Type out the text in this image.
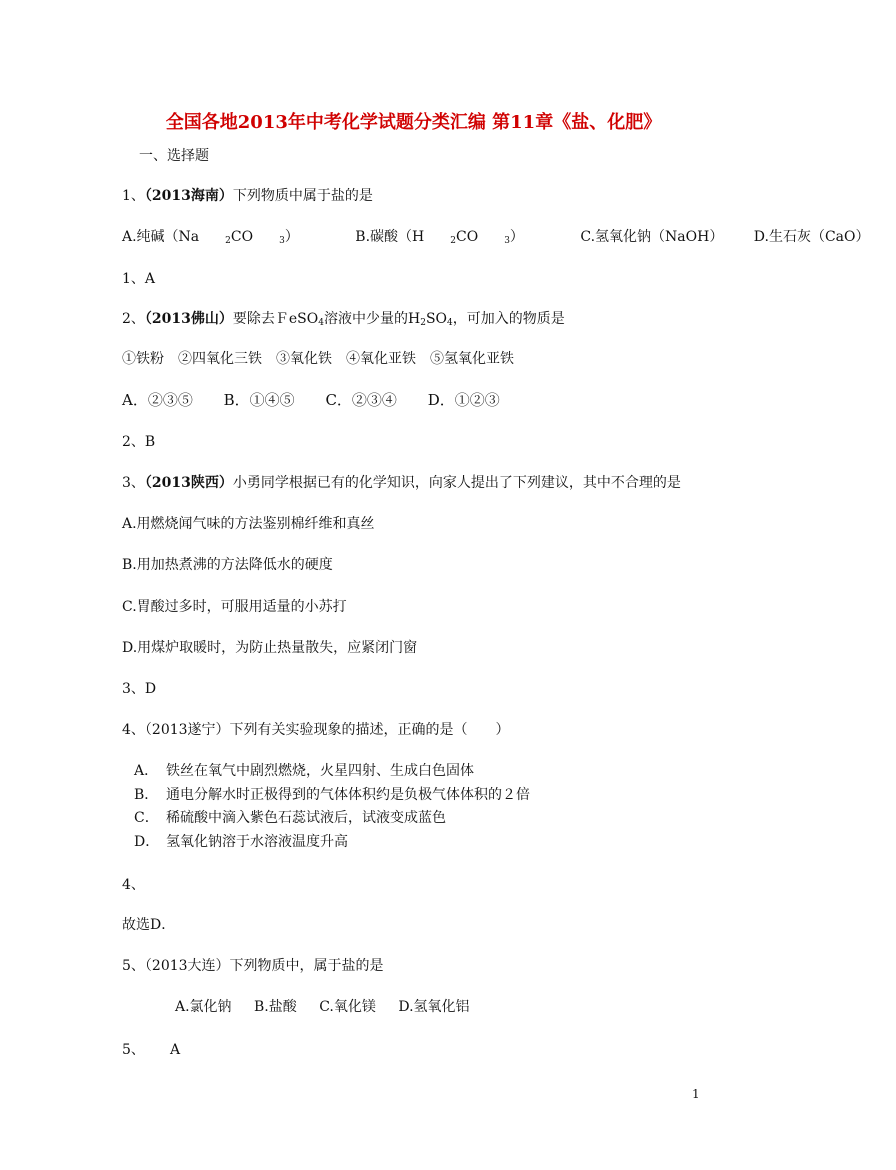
全国各地2013年中考化学试题分类汇编 第11章《盐、化肥》
一、选择题
1、（2013海南）下列物质中属于盐的是
A.纯碱（Na	$_2$CO	$_3$）	B.碳酸（H	$_2$CO	$_3$）	C.氢氧化钠（NaOH） D.生石灰（CaO）
1、A
2、（2013佛山）要除去ＦeSO$_4$溶液中少量的$H_2SO_4$，可加入的物质是
①铁粉　②四氧化三铁　③氧化铁　④氧化亚铁　⑤氢氧化亚铁
A．②③⑤ B．①④⑤ C．②③④ D．①②③
2、B
3、（2013陕西）小勇同学根据已有的化学知识，向家人提出了下列建议，其中不合理的是
A.用燃烧闻气味的方法鉴别棉纤维和真丝
B.用加热煮沸的方法降低水的硬度
C.胃酸过多时，可服用适量的小苏打
D.用煤炉取暖时，为防止热量散失，应紧闭门窗
3、D
4、（2013遂宁）下列有关实验现象的描述，正确的是（　　）
A． 铁丝在氧气中剧烈燃烧，火星四射、生成白色固体
B． 通电分解水时正极得到的气体体积约是负极气体体积的２倍
C． 稀硫酸中滴入紫色石蕊试液后，试液变成蓝色
D． 氢氧化钠溶于水溶液温度升高
4、
故选D．
5、（2013大连）下列物质中，属于盐的是
A.氯化钠 B.盐酸 C.氧化镁 D.氢氧化铝
5、 A
1
